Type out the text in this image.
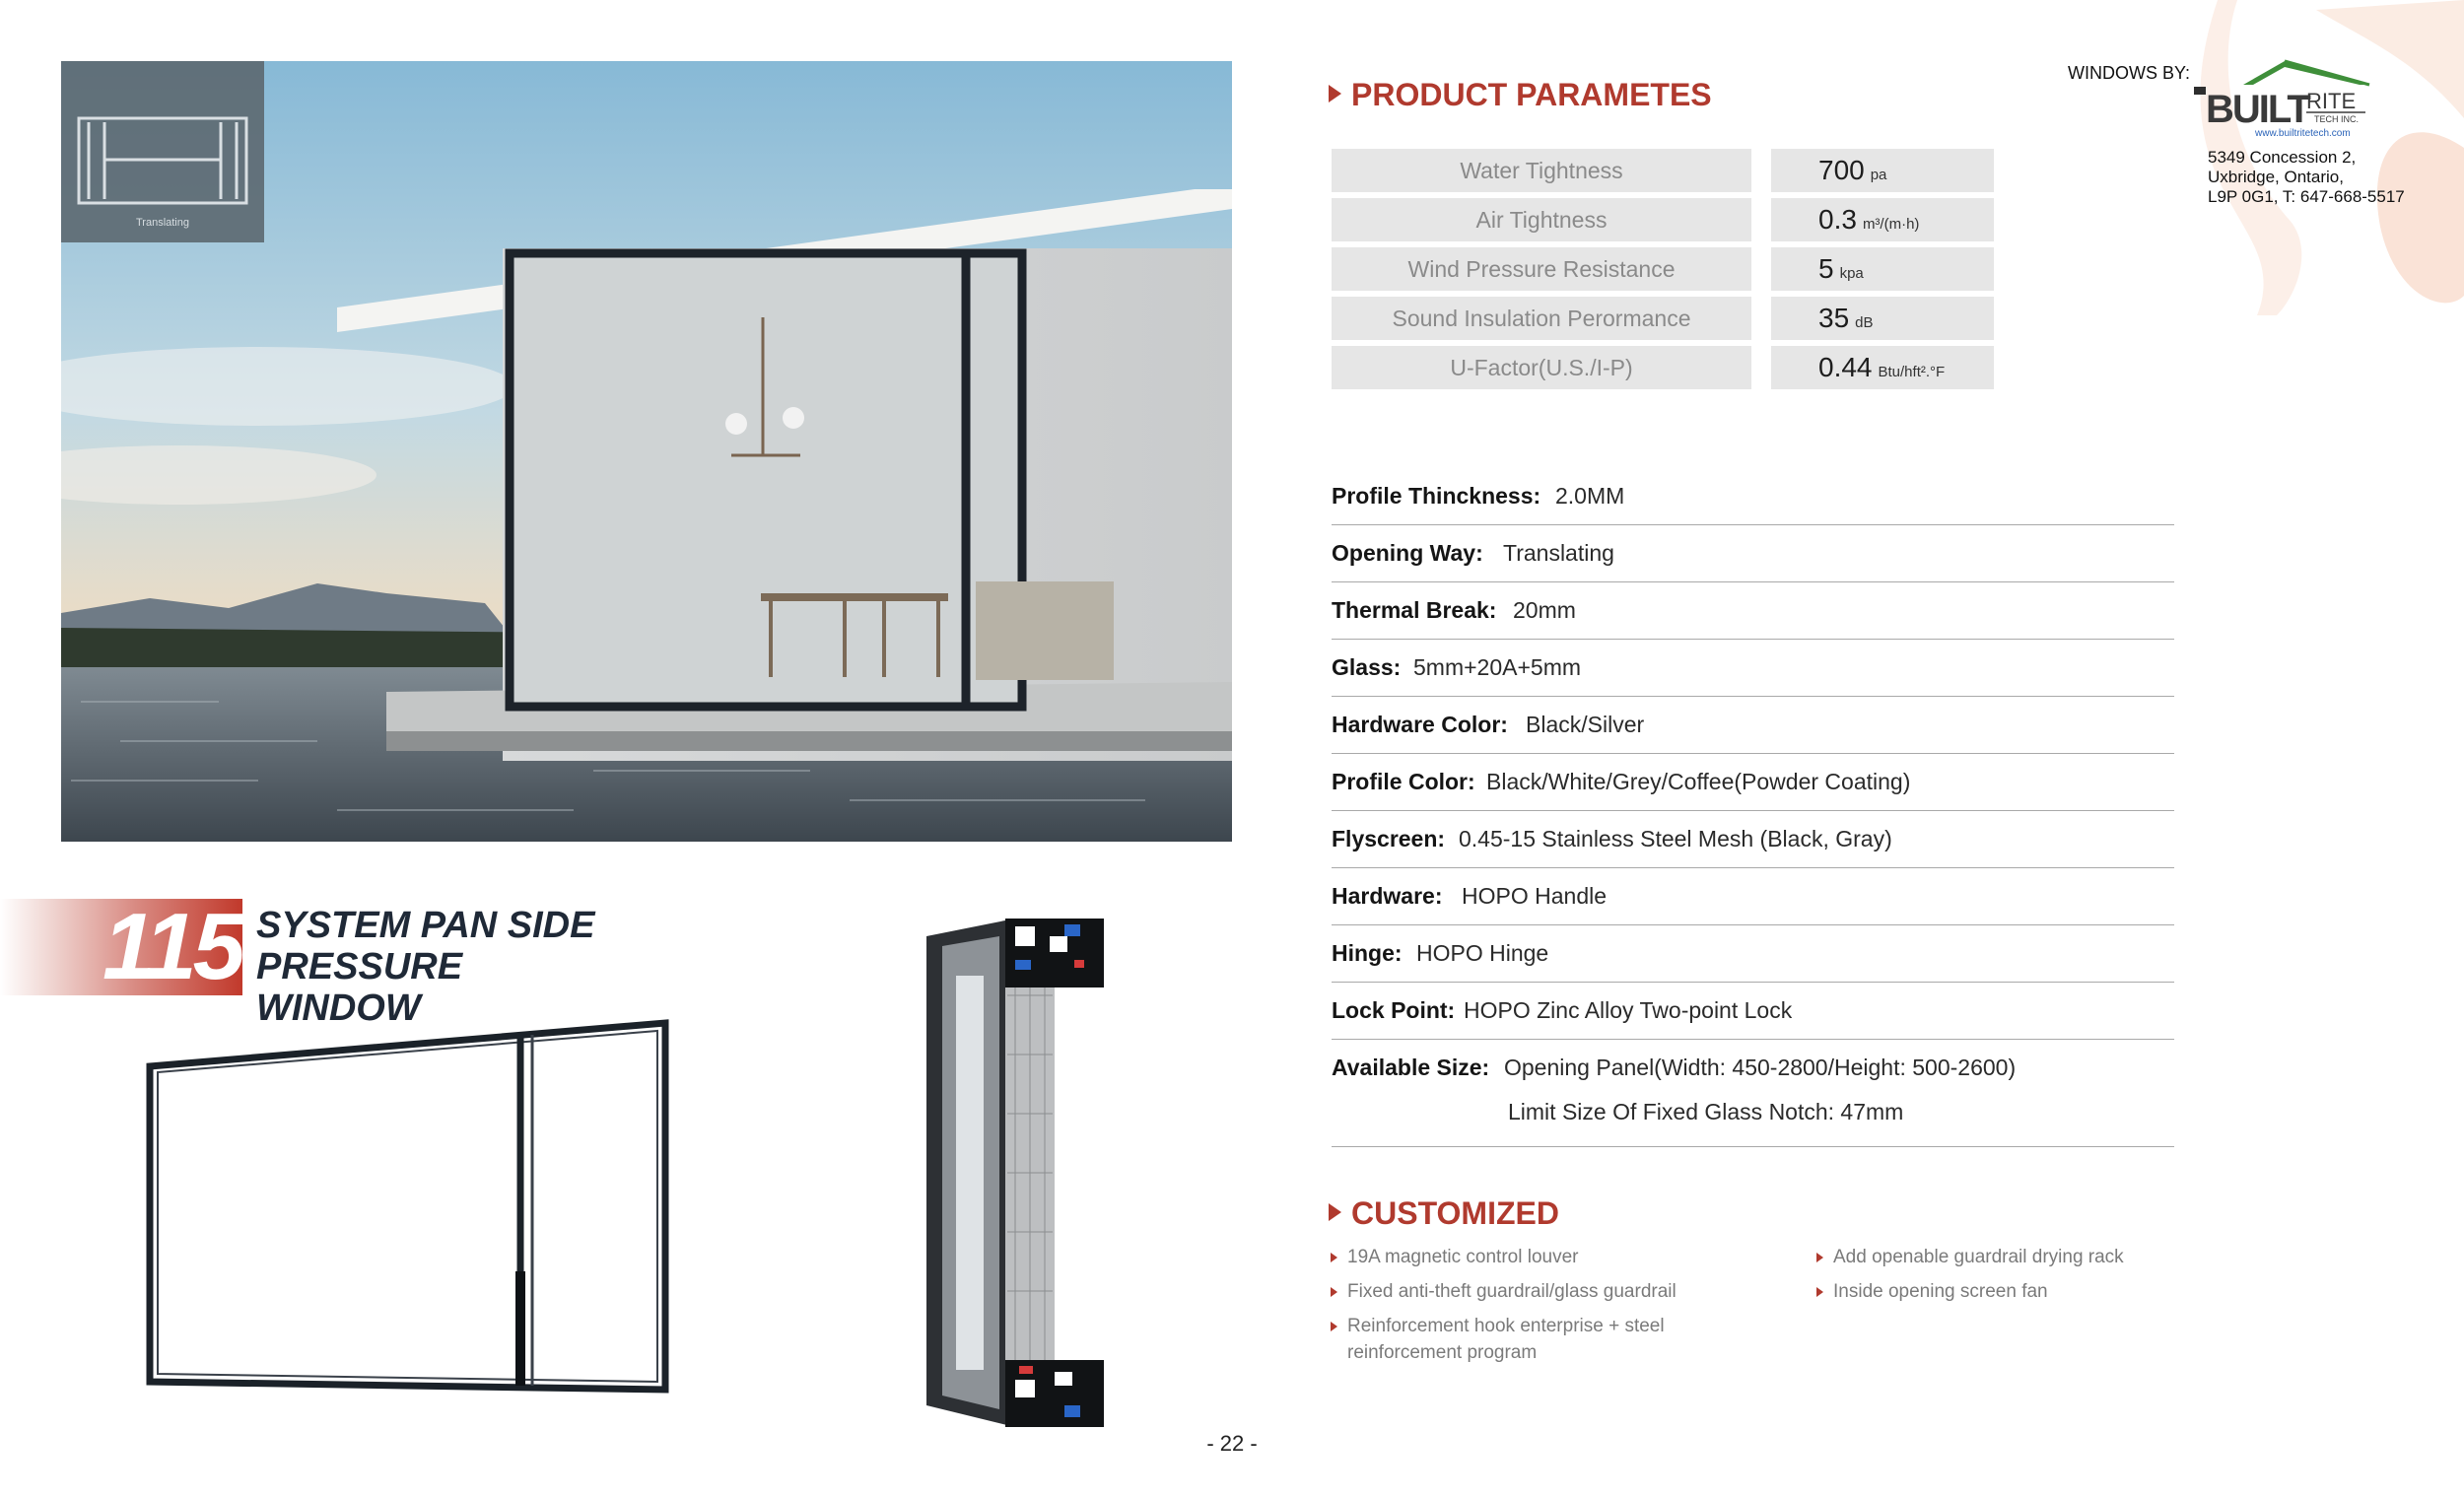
Translating
115 SYSTEM PAN SIDE PRESSURE
WINDOW
- 22 -
PRODUCT PARAMETES
Water Tightness	700 pa
Air Tightness	0.3 m³/(m·h)
Wind Pressure Resistance	5 kpa
Sound Insulation Perormance	35 dB
U-Factor(U.S./I-P)	0.44 Btu/hft².°F
Profile Thinckness: 2.0MM
Opening Way: Translating
Thermal Break: 20mm
Glass: 5mm+20A+5mm
Hardware Color: Black/Silver
Profile Color: Black/White/Grey/Coffee(Powder Coating)
Flyscreen: 0.45-15 Stainless Steel Mesh (Black, Gray)
Hardware: HOPO Handle
Hinge: HOPO Hinge
Lock Point: HOPO Zinc Alloy Two-point Lock
Available Size: Opening Panel(Width: 450-2800/Height: 500-2600)
Limit Size Of Fixed Glass Notch: 47mm
CUSTOMIZED
19A magnetic control louver
Fixed anti-theft guardrail/glass guardrail
Reinforcement hook enterprise + steel
reinforcement program
Add openable guardrail drying rack
Inside opening screen fan
WINDOWS BY:
BUILT
RITE
TECH INC.
www.builtritetech.com
5349 Concession 2,
Uxbridge, Ontario,
L9P 0G1, T: 647-668-5517
